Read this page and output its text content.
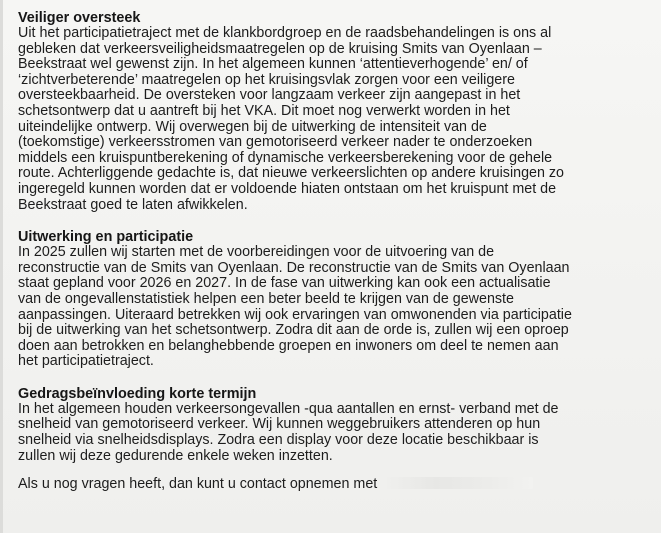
Veiliger oversteek

Uit het participatietraject met de klankbordgroep en de raadsbehandelingen is ons al
gebleken dat verkeersveiligheidsmaatregelen op de kruising Smits van Oyenlaan –
Beekstraat wel gewenst zijn. In het algemeen kunnen ‘attentieverhogende’ en/ of
‘zichtverbeterende’ maatregelen op het kruisingsvlak zorgen voor een veiligere
oversteekbaarheid. De oversteken voor langzaam verkeer zijn aangepast in het
schetsontwerp dat u aantreft bij het VKA. Dit moet nog verwerkt worden in het
uiteindelijke ontwerp. Wij overwegen bij de uitwerking de intensiteit van de
(toekomstige) verkeersstromen van gemotoriseerd verkeer nader te onderzoeken
middels een kruispuntberekening of dynamische verkeersberekening voor de gehele
route. Achterliggende gedachte is, dat nieuwe verkeerslichten op andere kruisingen zo
ingeregeld kunnen worden dat er voldoende hiaten ontstaan om het kruispunt met de
Beekstraat goed te laten afwikkelen.

Uitwerking en participatie

In 2025 zullen wij starten met de voorbereidingen voor de uitvoering van de
reconstructie van de Smits van Oyenlaan. De reconstructie van de Smits van Oyenlaan
staat gepland voor 2026 en 2027. In de fase van uitwerking kan ook een actualisatie
van de ongevallenstatistiek helpen een beter beeld te krijgen van de gewenste
aanpassingen. Uiteraard betrekken wij ook ervaringen van omwonenden via participatie
bij de uitwerking van het schetsontwerp. Zodra dit aan de orde is, zullen wij een oproep
doen aan betrokken en belanghebbende groepen en inwoners om deel te nemen aan
het participatietraject.

Gedragsbeïnvloeding korte termijn

In het algemeen houden verkeersongevallen -qua aantallen en ernst- verband met de
snelheid van gemotoriseerd verkeer. Wij kunnen weggebruikers attenderen op hun
snelheid via snelheidsdisplays. Zodra een display voor deze locatie beschikbaar is
zullen wij deze gedurende enkele weken inzetten.

Als u nog vragen heeft, dan kunt u contact opnemen met
